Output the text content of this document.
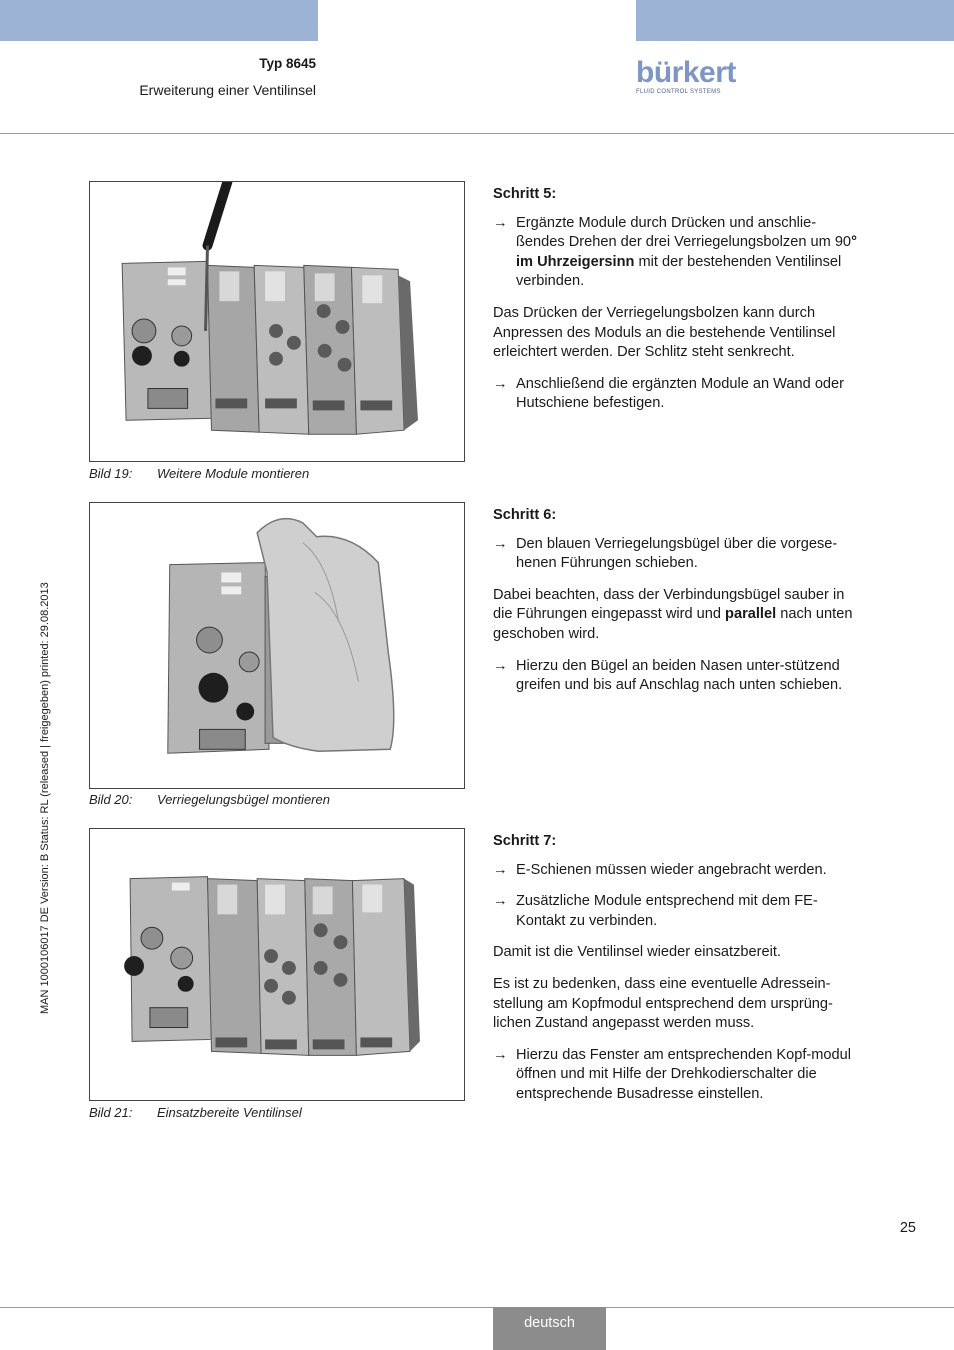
Typ 8645
Erweiterung einer Ventilinsel
bürkert
FLUID CONTROL SYSTEMS
MAN 1000106017 DE Version: B Status: RL (released | freigegeben) printed: 29.08.2013
Bild 19: Weitere Module montieren
Bild 20: Verriegelungsbügel montieren
Bild 21: Einsatzbereite Ventilinsel
Schritt 5:
→ Ergänzte Module durch Drücken und anschlie-ßendes Drehen der drei Verriegelungsbolzen um 90° im Uhrzeigersinn mit der bestehenden Ventilinsel verbinden.
Das Drücken der Verriegelungsbolzen kann durch Anpressen des Moduls an die bestehende Ventilinsel erleichtert werden. Der Schlitz steht senkrecht.
→ Anschließend die ergänzten Module an Wand oder Hutschiene befestigen.
Schritt 6:
→ Den blauen Verriegelungsbügel über die vorgese-henen Führungen schieben.
Dabei beachten, dass der Verbindungsbügel sauber in die Führungen eingepasst wird und parallel nach unten geschoben wird.
→ Hierzu den Bügel an beiden Nasen unter-stützend greifen und bis auf Anschlag nach unten schieben.
Schritt 7:
→ E-Schienen müssen wieder angebracht werden.
→ Zusätzliche Module entsprechend mit dem FE-Kontakt zu verbinden.
Damit ist die Ventilinsel wieder einsatzbereit.
Es ist zu bedenken, dass eine eventuelle Adressein-stellung am Kopfmodul entsprechend dem ursprüng-lichen Zustand angepasst werden muss.
→ Hierzu das Fenster am entsprechenden Kopf-modul öffnen und mit Hilfe der Drehkodierschalter die entsprechende Busadresse einstellen.
25
deutsch
